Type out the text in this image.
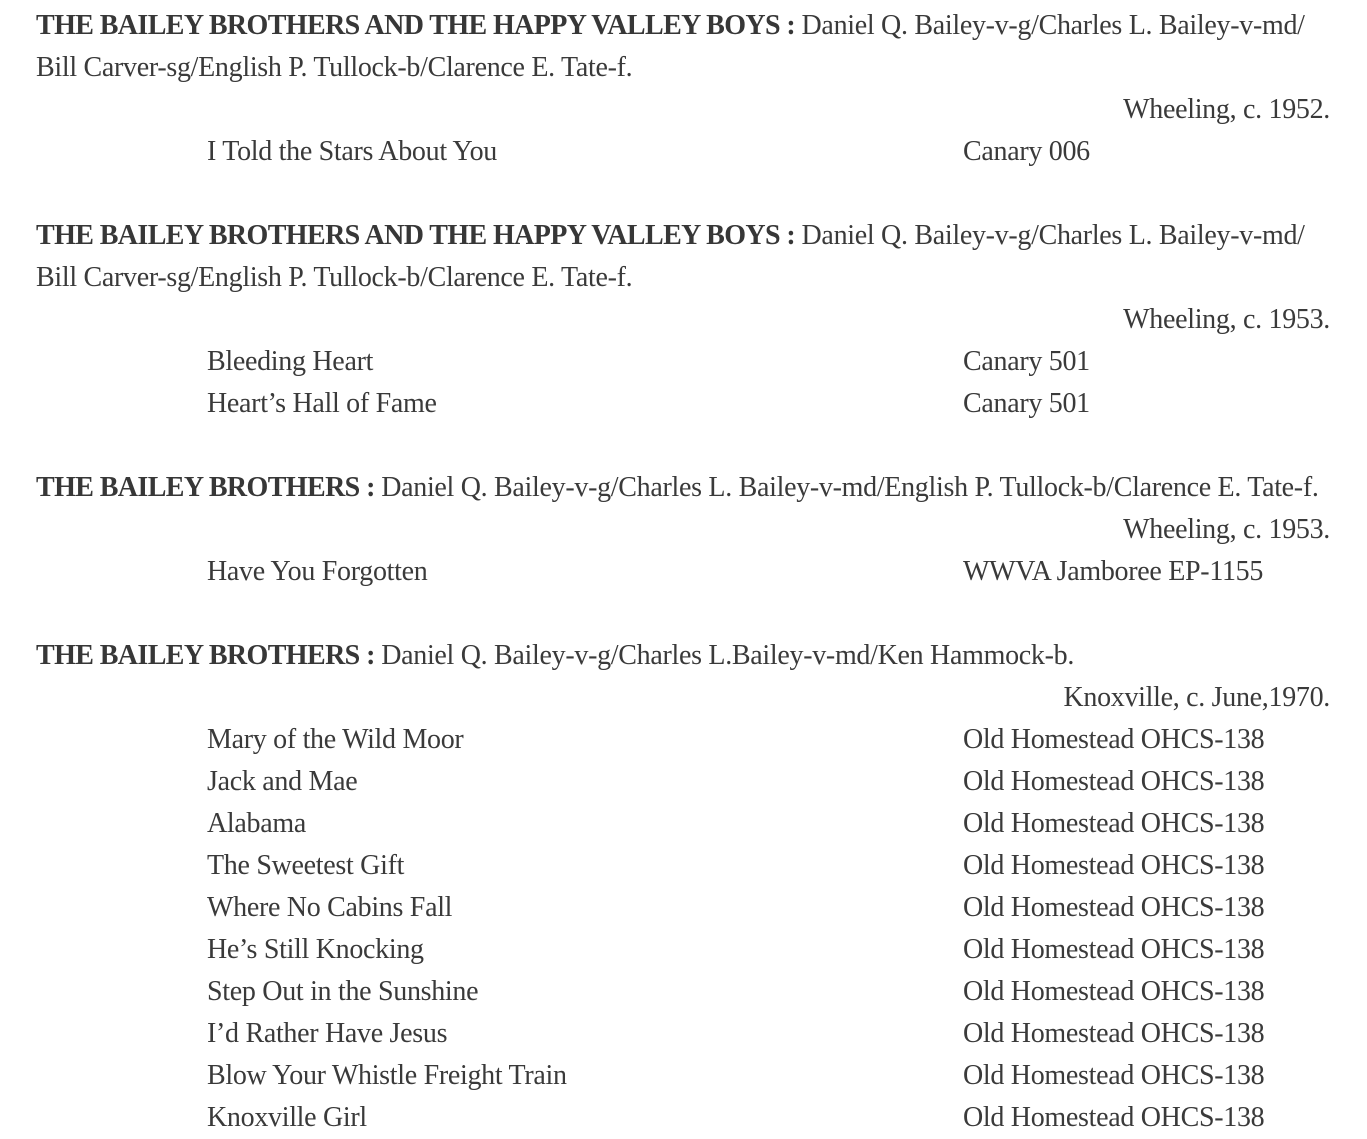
THE BAILEY BROTHERS AND THE HAPPY VALLEY BOYS : Daniel Q. Bailey-v-g/Charles L. Bailey-v-md/
Bill Carver-sg/English P. Tullock-b/Clarence E. Tate-f.
Wheeling, c. 1952.
I Told the Stars About You	Canary 006
THE BAILEY BROTHERS AND THE HAPPY VALLEY BOYS : Daniel Q. Bailey-v-g/Charles L. Bailey-v-md/
Bill Carver-sg/English P. Tullock-b/Clarence E. Tate-f.
Wheeling, c. 1953.
Bleeding Heart	Canary 501
Heart’s Hall of Fame	Canary 501
THE BAILEY BROTHERS : Daniel Q. Bailey-v-g/Charles L. Bailey-v-md/English P. Tullock-b/Clarence E. Tate-f.
Wheeling, c. 1953.
Have You Forgotten	WWVA Jamboree EP-1155
THE BAILEY BROTHERS : Daniel Q. Bailey-v-g/Charles L.Bailey-v-md/Ken Hammock-b.
Knoxville, c. June,1970.
Mary of the Wild Moor	Old Homestead OHCS-138
Jack and Mae	Old Homestead OHCS-138
Alabama	Old Homestead OHCS-138
The Sweetest Gift	Old Homestead OHCS-138
Where No Cabins Fall	Old Homestead OHCS-138
He’s Still Knocking	Old Homestead OHCS-138
Step Out in the Sunshine	Old Homestead OHCS-138
I’d Rather Have Jesus	Old Homestead OHCS-138
Blow Your Whistle Freight Train	Old Homestead OHCS-138
Knoxville Girl	Old Homestead OHCS-138
